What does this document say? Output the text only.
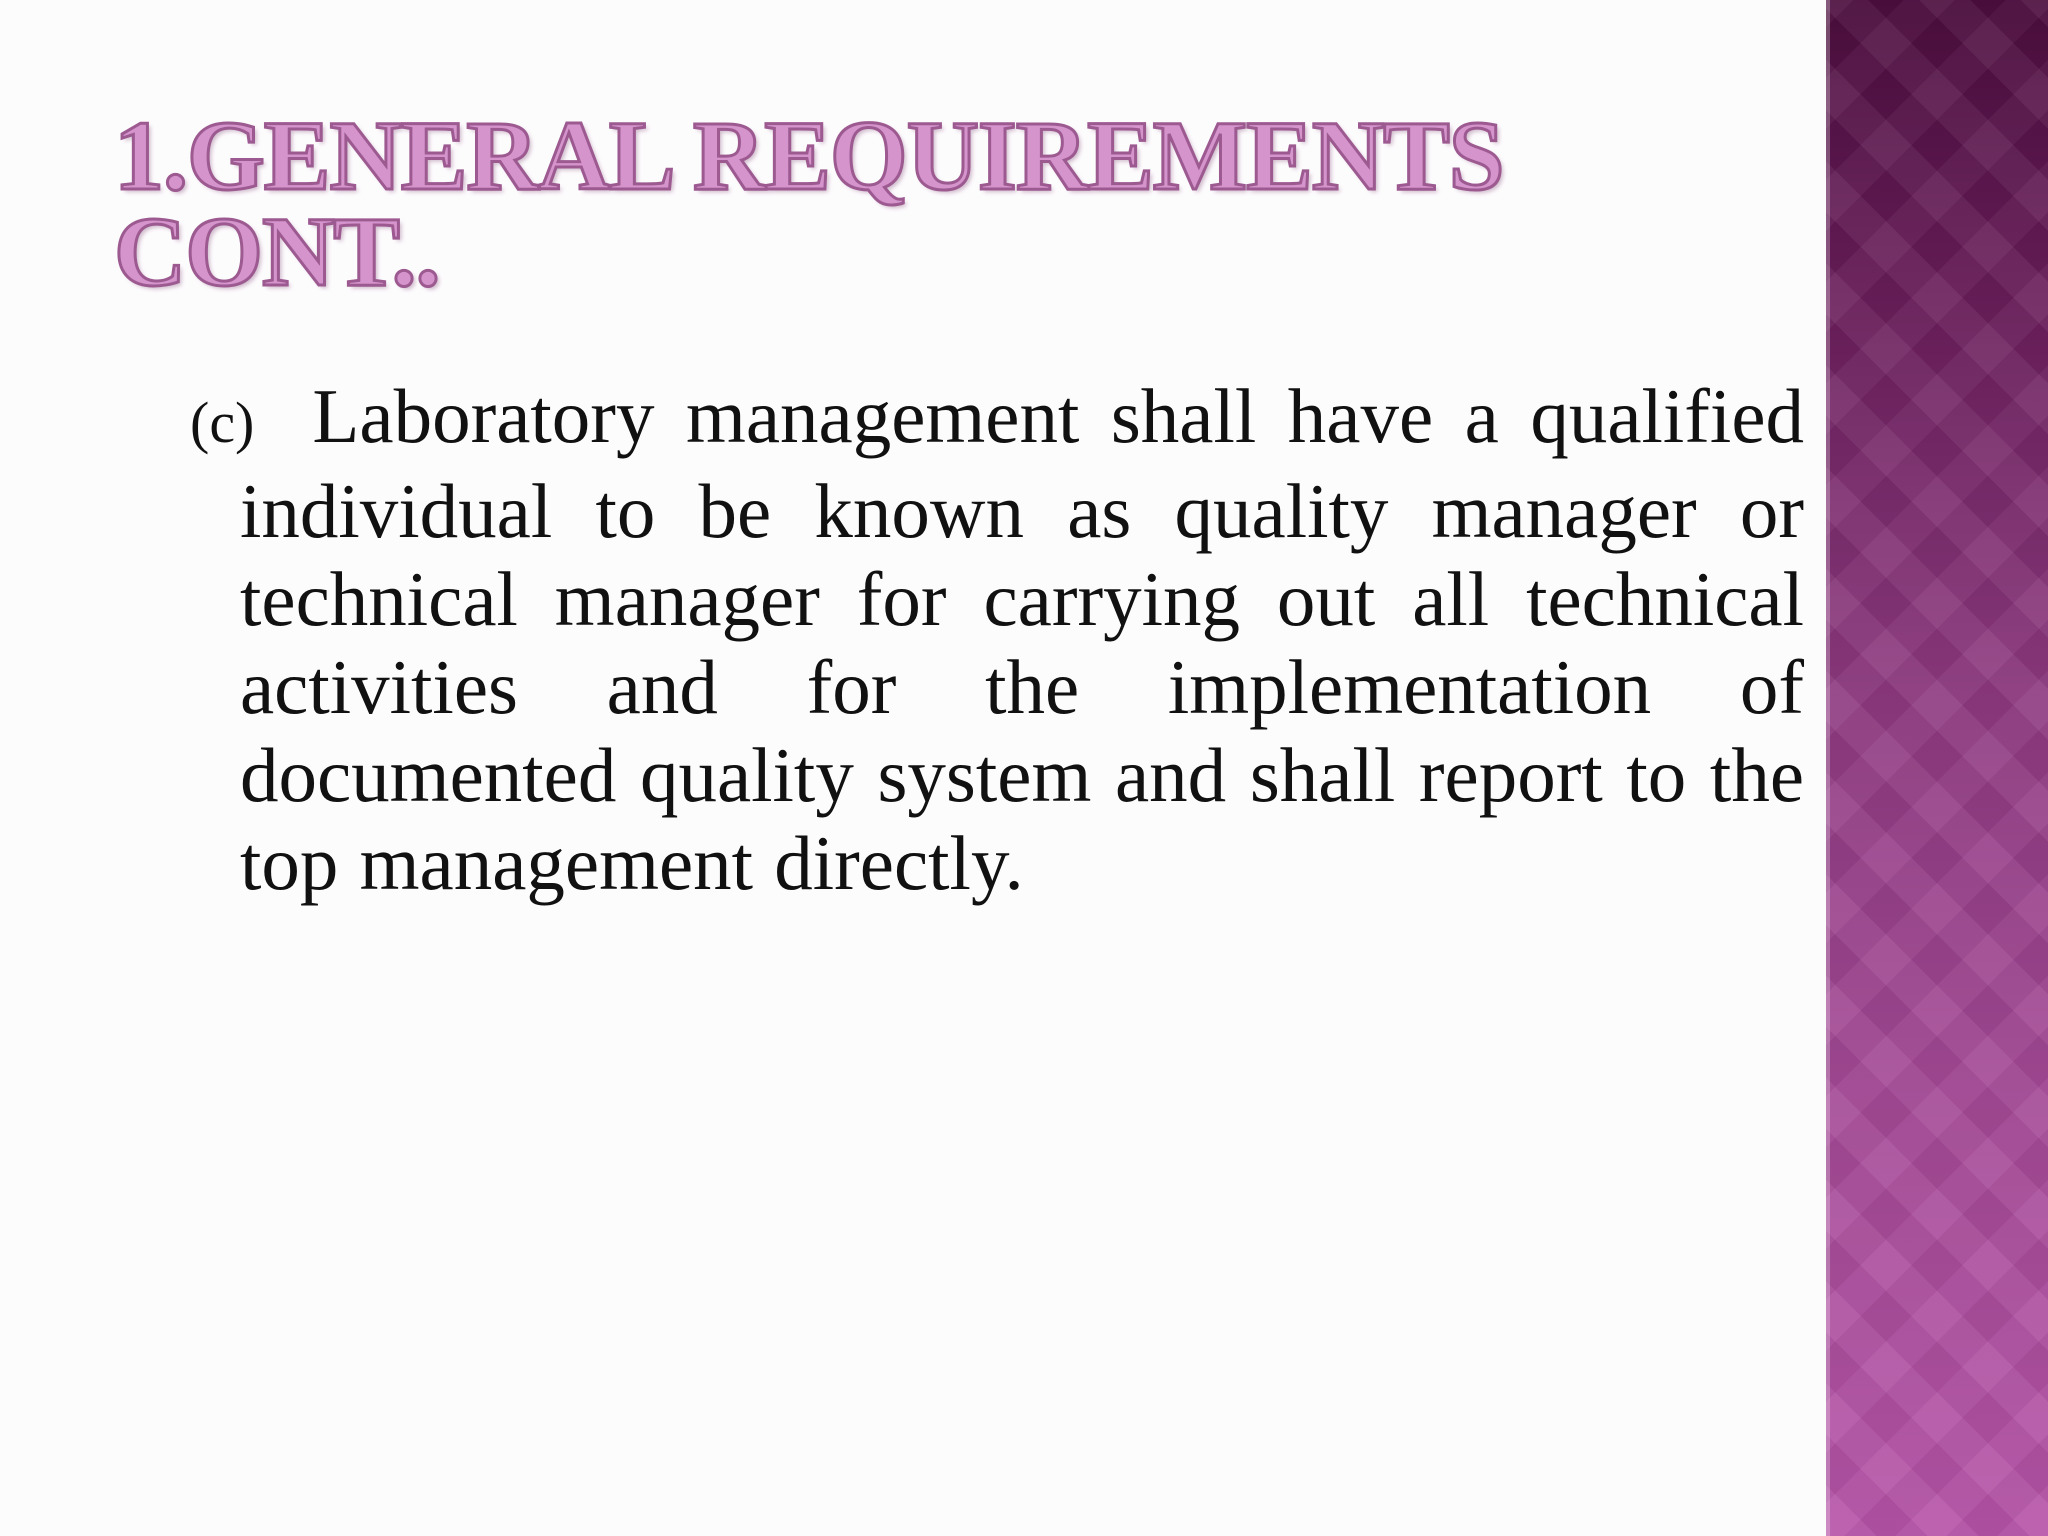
1.GENERAL REQUIREMENTS
CONT..

(c) Laboratory management shall have a qualified individual to be known as quality manager or technical manager for carrying out all technical activities and for the implementation of documented quality system and shall report to the top management directly.
